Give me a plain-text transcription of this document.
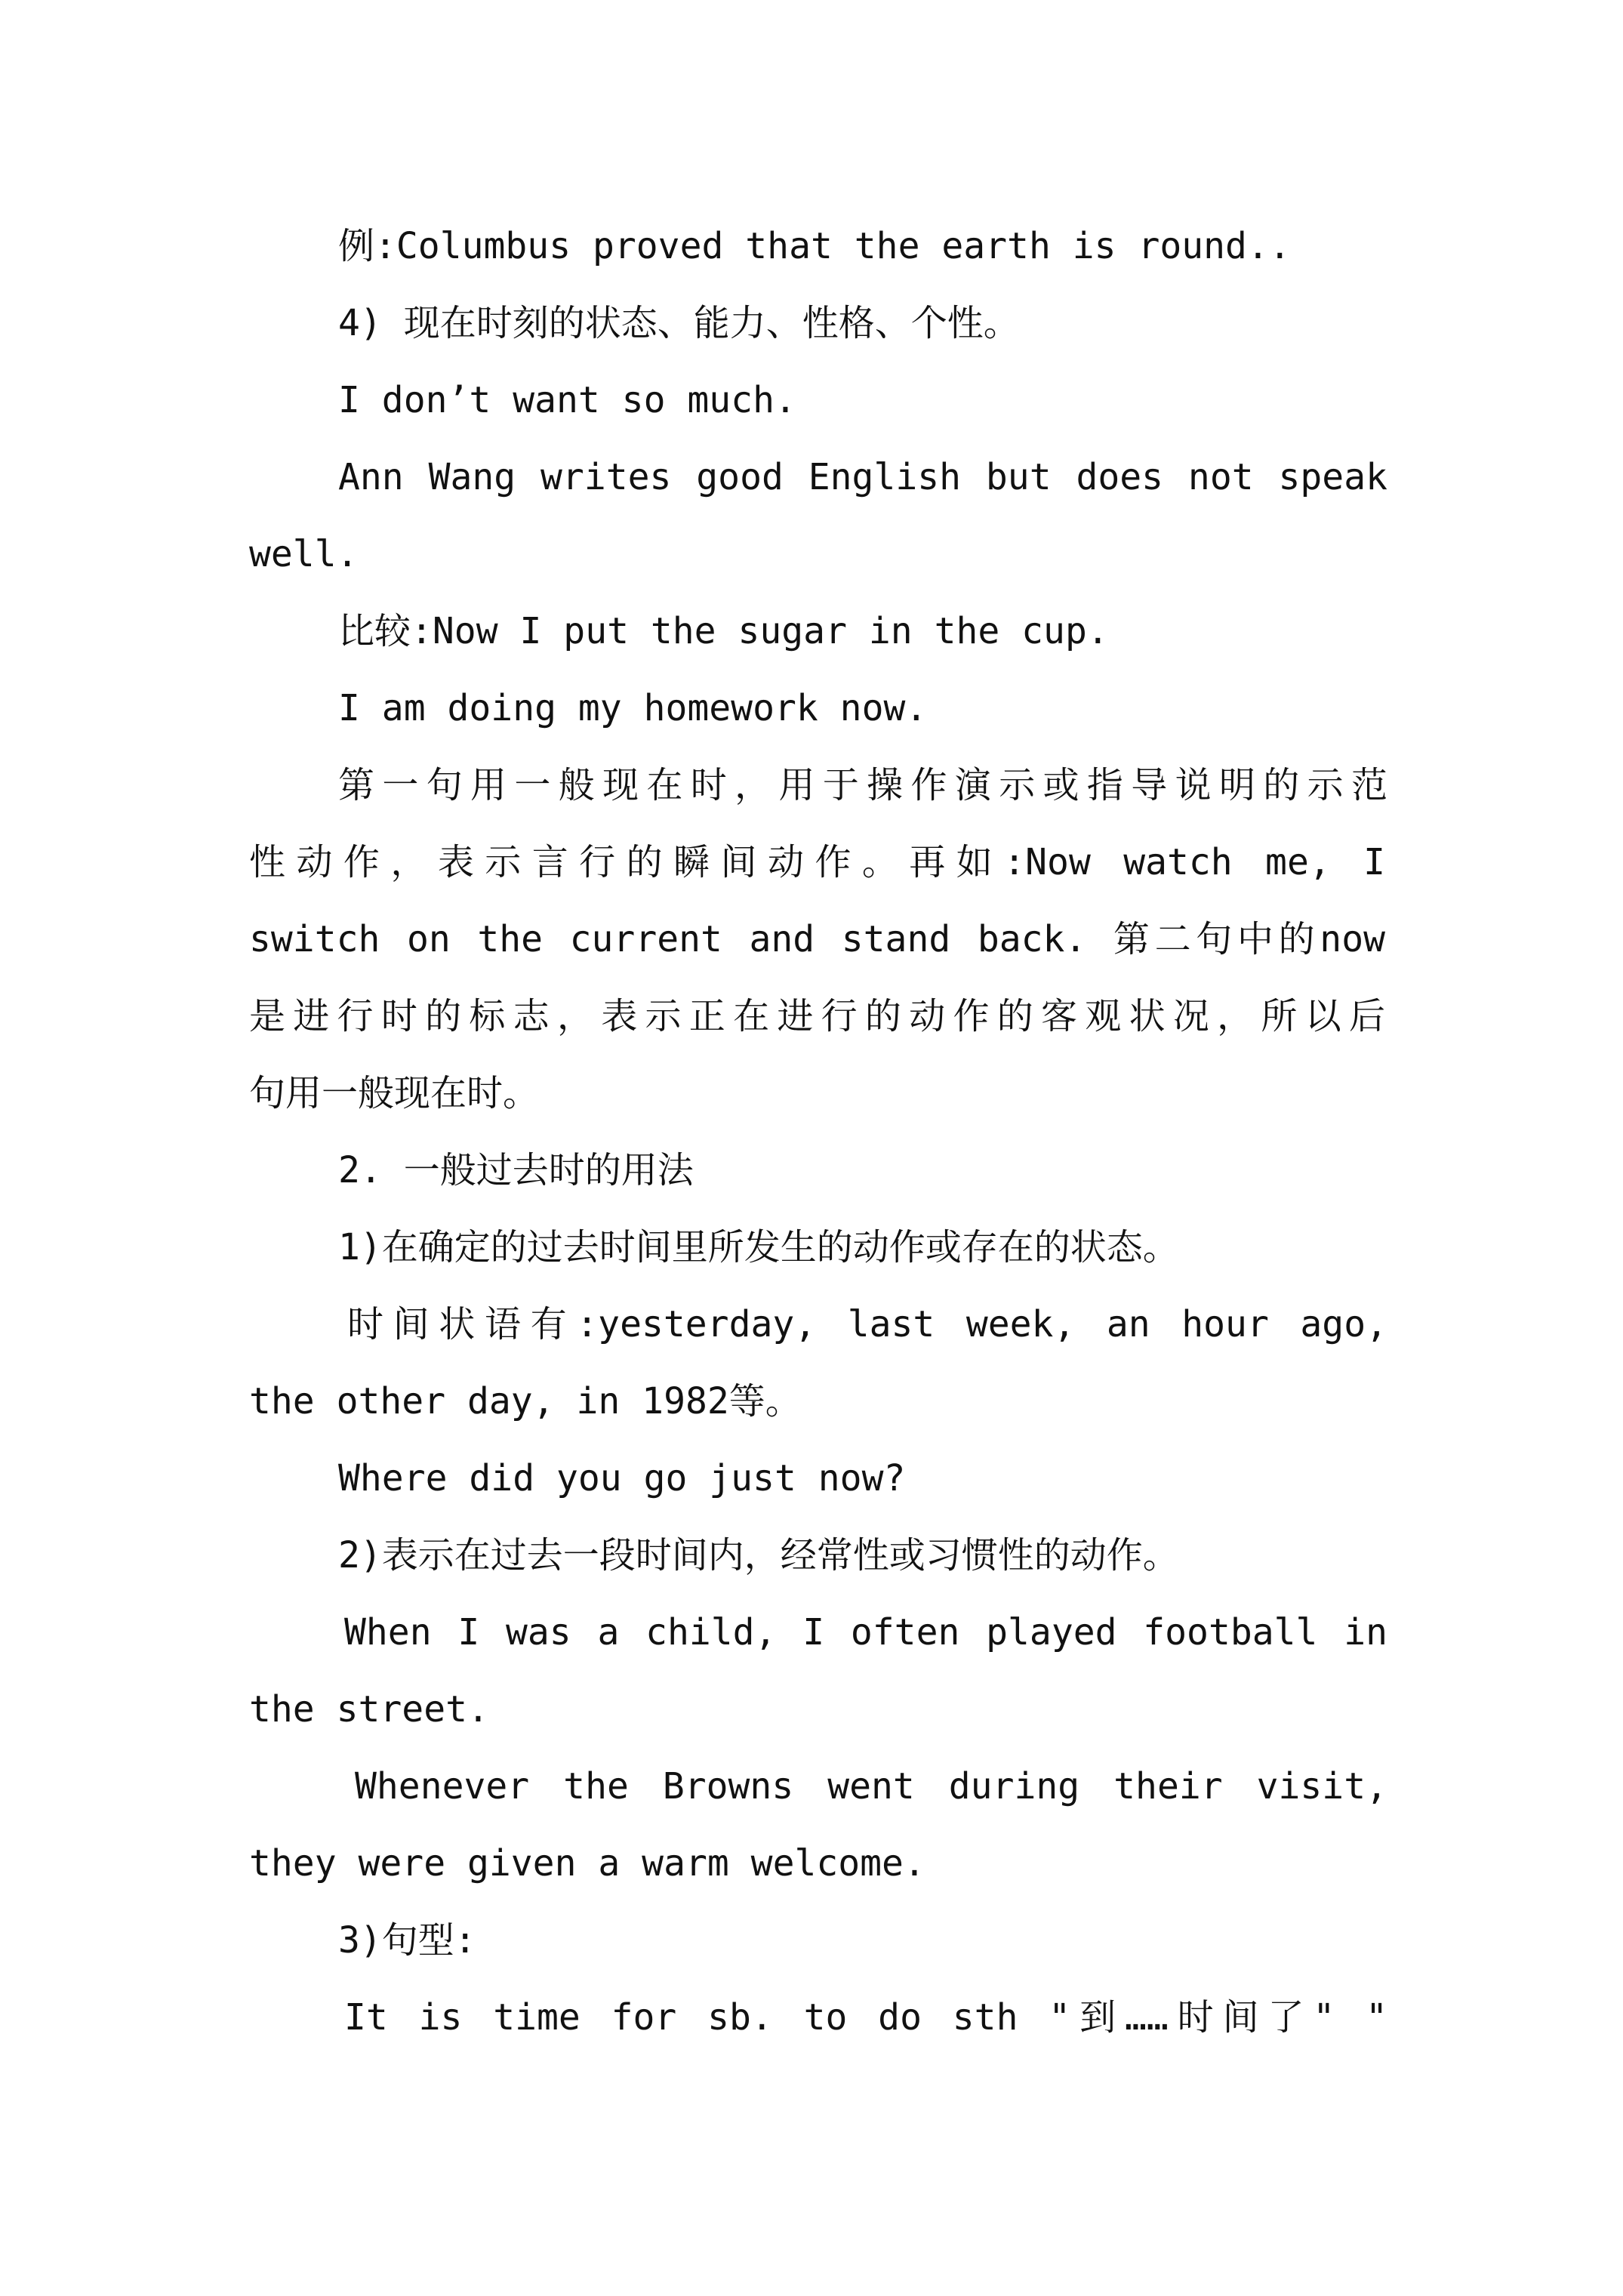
例:Columbus proved that the earth is round..
4) 现在时刻的状态、能力、性格、个性。
I don’t want so much.
Ann Wang writes good English but does not speak
well.
比较:Now I put the sugar in the cup.
I am doing my homework now.
第一句用一般现在时，用于操作演示或指导说明的示范
性动作，表示言行的瞬间动作。再如:Now watch me, I
switch on the current and stand back. 第二句中的now
是进行时的标志，表示正在进行的动作的客观状况，所以后
句用一般现在时。
2. 一般过去时的用法
1)在确定的过去时间里所发生的动作或存在的状态。
时间状语有:yesterday, last week, an hour ago,
the other day, in 1982等。
Where did you go just now?
2)表示在过去一段时间内，经常性或习惯性的动作。
When I was a child, I often played football in
the street.
Whenever the Browns went during their visit,
they were given a warm welcome.
3)句型:
It is time for sb. to do sth "到……时间了" "
